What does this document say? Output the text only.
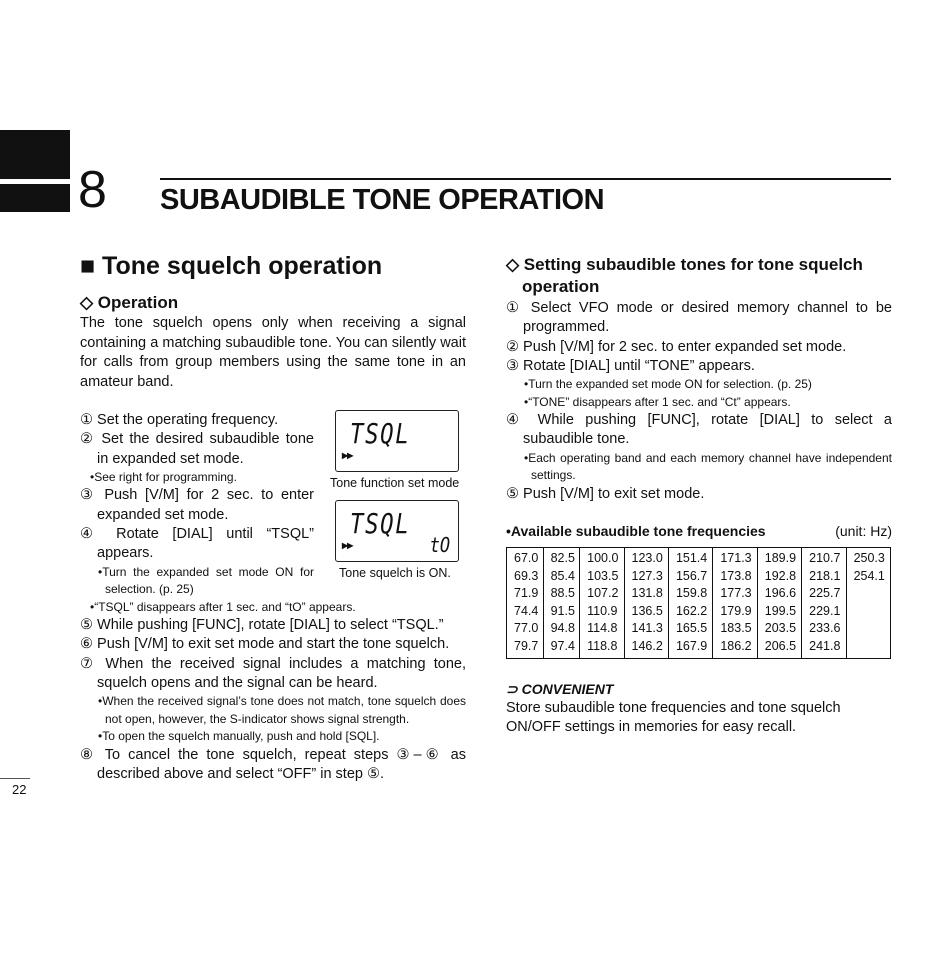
8 SUBAUDIBLE TONE OPERATION
■ Tone squelch operation
◇ Operation
The tone squelch opens only when receiving a signal containing a matching subaudible tone. You can silently wait for calls from group members using the same tone in an amateur band.
① Set the operating frequency.
② Set the desired subaudible tone in expanded set mode.
•See right for programming.
③ Push [V/M] for 2 sec. to enter expanded set mode.
④ Rotate [DIAL] until “TSQL” appears.
•Turn the expanded set mode ON for selection. (p. 25)
•“TSQL” disappears after 1 sec. and “tO” appears.
⑤ While pushing [FUNC], rotate [DIAL] to select “TSQL.”
⑥ Push [V/M] to exit set mode and start the tone squelch.
⑦ When the received signal includes a matching tone, squelch opens and the signal can be heard.
•When the received signal’s tone does not match, tone squelch does not open, however, the S-indicator shows signal strength.
•To open the squelch manually, push and hold [SQL].
⑧ To cancel the tone squelch, repeat steps ③–⑥ as described above and select “OFF” in step ⑤.
TSQL
▶▶
Tone function set mode
TSQL
▶▶	tO
Tone squelch is ON.
◇ Setting subaudible tones for tone squelch
operation
① Select VFO mode or desired memory channel to be programmed.
② Push [V/M] for 2 sec. to enter expanded set mode.
③ Rotate [DIAL] until “TONE” appears.
•Turn the expanded set mode ON for selection. (p. 25)
•“TONE” disappears after 1 sec. and “Ct” appears.
④ While pushing [FUNC], rotate [DIAL] to select a subaudible tone.
•Each operating band and each memory channel have independent settings.
⑤ Push [V/M] to exit set mode.
•Available subaudible tone frequencies	(unit: Hz)
67.0	82.5	100.0	123.0	151.4	171.3	189.9	210.7	250.3
69.3	85.4	103.5	127.3	156.7	173.8	192.8	218.1	254.1
71.9	88.5	107.2	131.8	159.8	177.3	196.6	225.7	
74.4	91.5	110.9	136.5	162.2	179.9	199.5	229.1	
77.0	94.8	114.8	141.3	165.5	183.5	203.5	233.6	
79.7	97.4	118.8	146.2	167.9	186.2	206.5	241.8	
⊃ CONVENIENT
Store subaudible tone frequencies and tone squelch ON/OFF settings in memories for easy recall.
22
